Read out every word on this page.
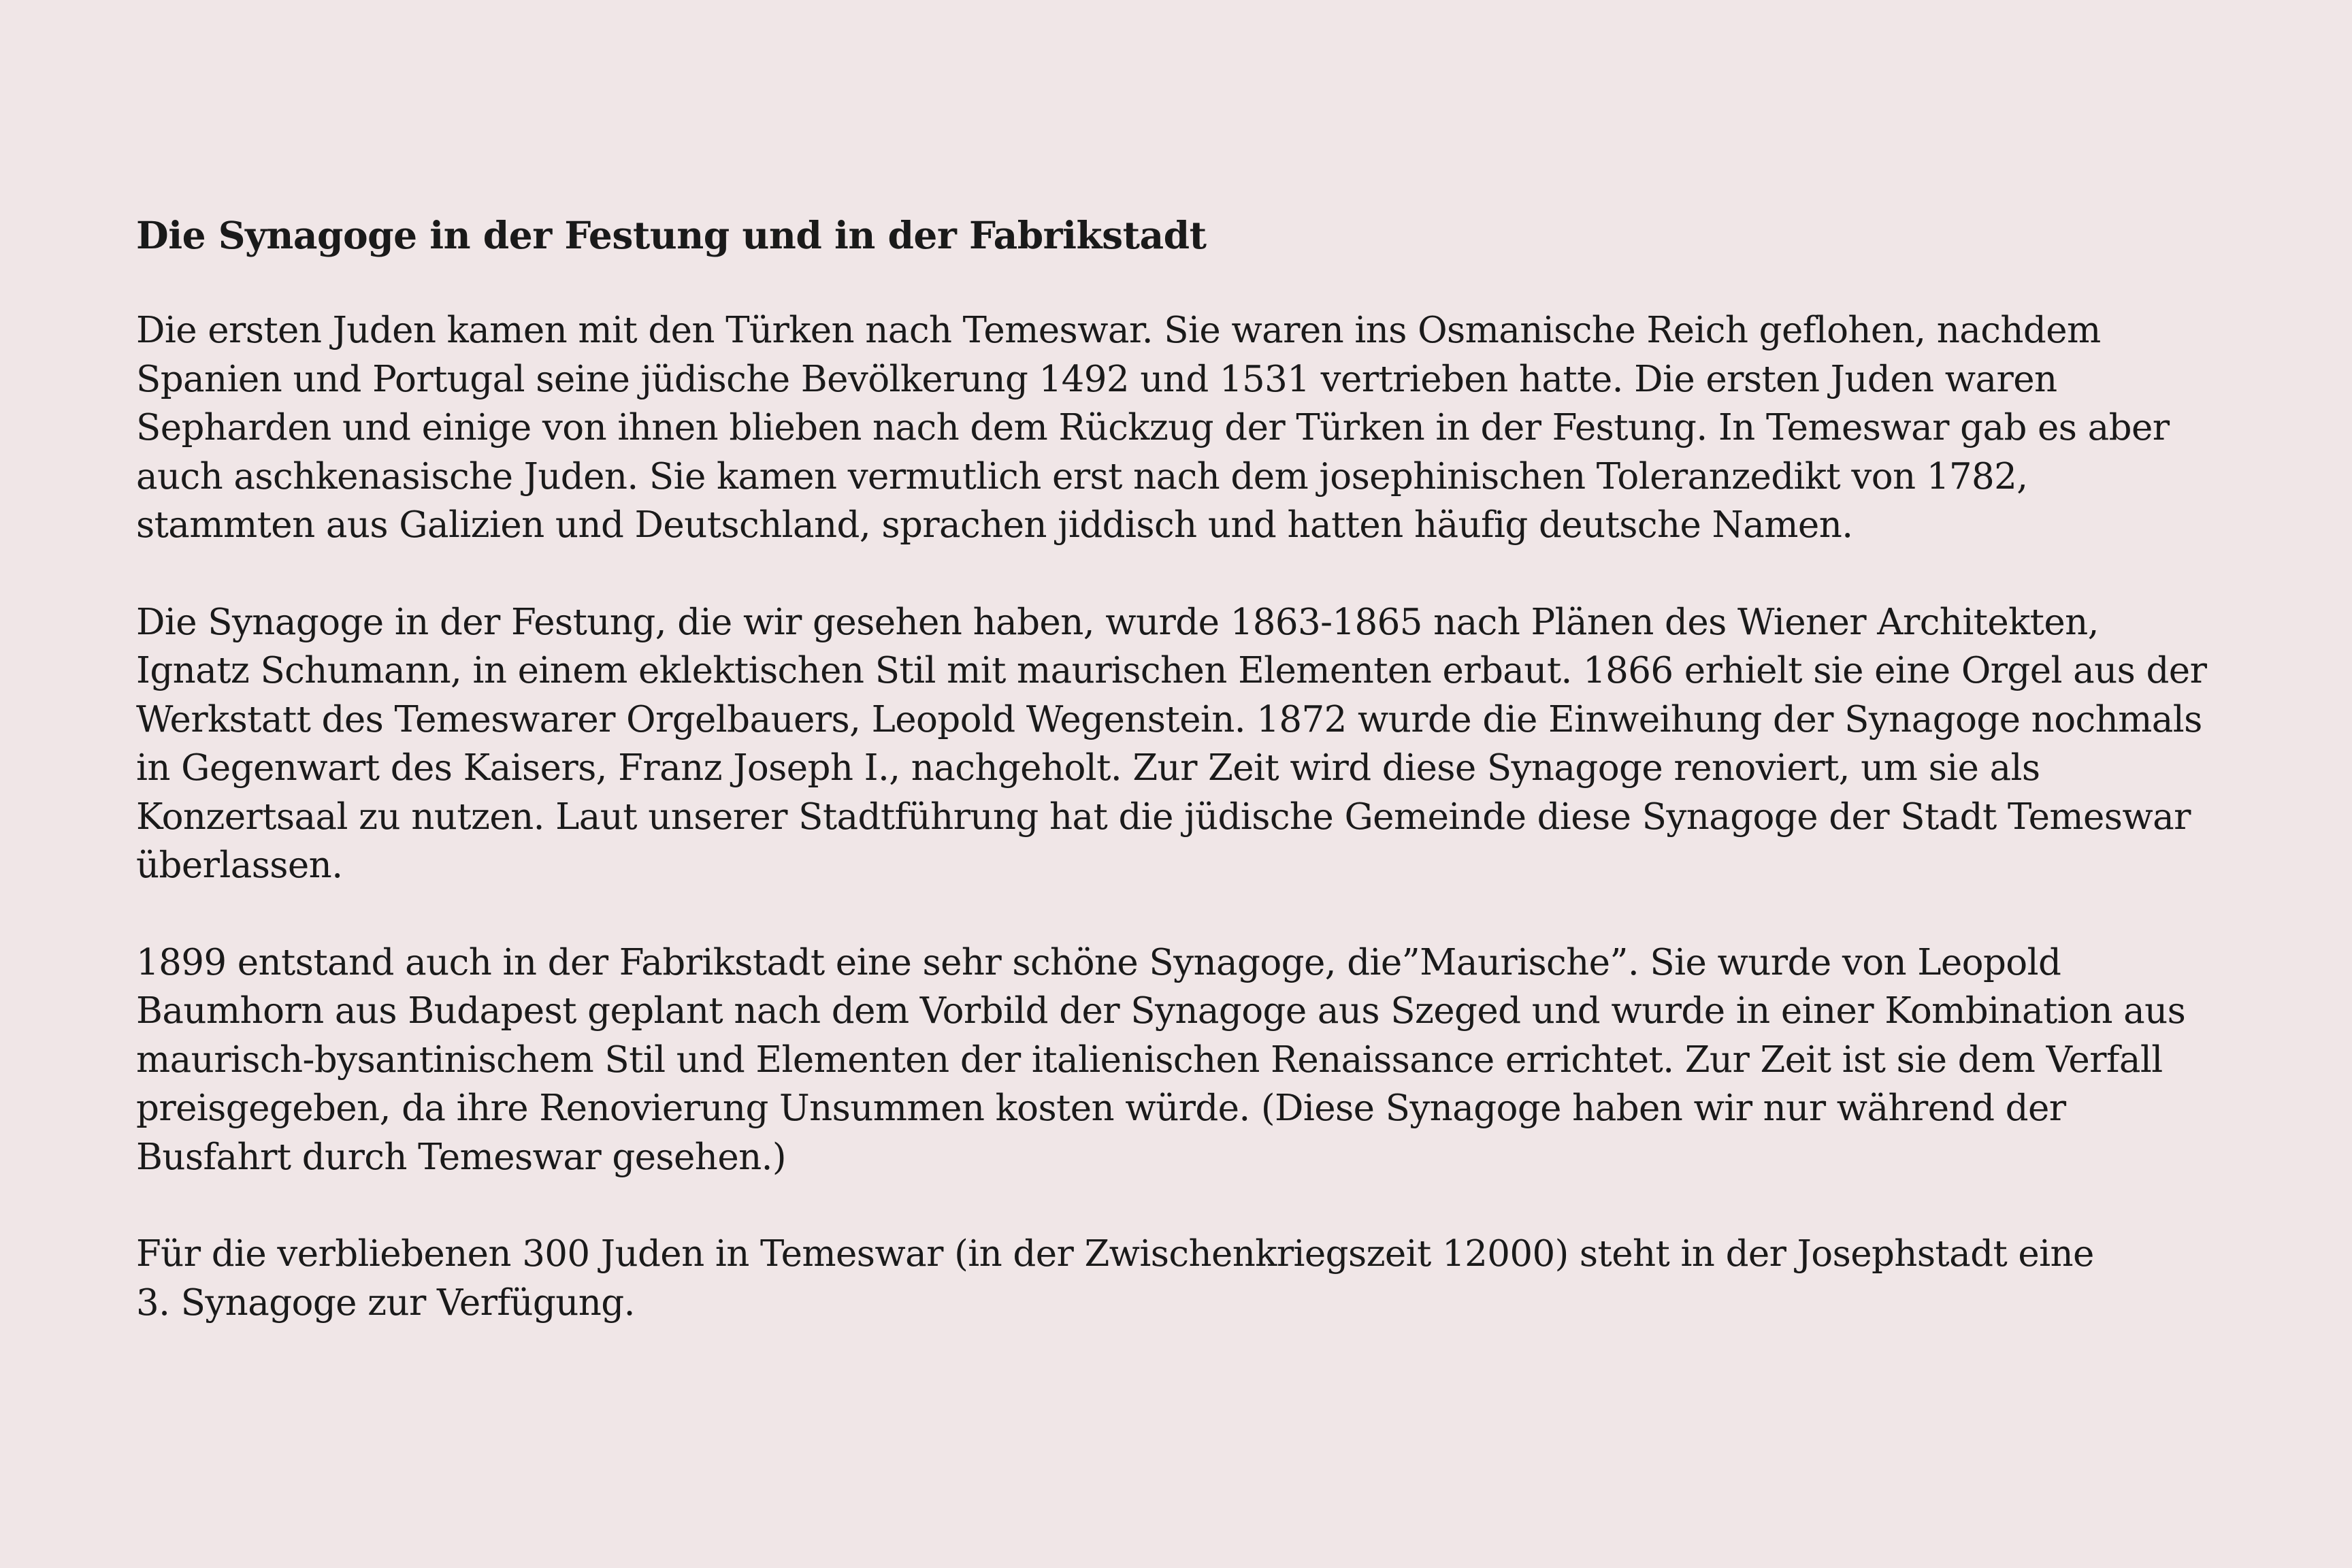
Die Synagoge in der Festung und in der Fabrikstadt

Die ersten Juden kamen mit den Türken nach Temeswar. Sie waren ins Osmanische Reich geflohen, nachdem
Spanien und Portugal seine jüdische Bevölkerung 1492 und 1531 vertrieben hatte. Die ersten Juden waren
Sepharden und einige von ihnen blieben nach dem Rückzug der Türken in der Festung. In Temeswar gab es aber
auch aschkenasische Juden. Sie kamen vermutlich erst nach dem josephinischen Toleranzedikt von 1782,
stammten aus Galizien und Deutschland, sprachen jiddisch und hatten häufig deutsche Namen.

Die Synagoge in der Festung, die wir gesehen haben, wurde 1863-1865 nach Plänen des Wiener Architekten,
Ignatz Schumann, in einem eklektischen Stil mit maurischen Elementen erbaut. 1866 erhielt sie eine Orgel aus der
Werkstatt des Temeswarer Orgelbauers, Leopold Wegenstein. 1872 wurde die Einweihung der Synagoge nochmals
in Gegenwart des Kaisers, Franz Joseph I., nachgeholt. Zur Zeit wird diese Synagoge renoviert, um sie als
Konzertsaal zu nutzen. Laut unserer Stadtführung hat die jüdische Gemeinde diese Synagoge der Stadt Temeswar
überlassen.

1899 entstand auch in der Fabrikstadt eine sehr schöne Synagoge, die”Maurische”. Sie wurde von Leopold
Baumhorn aus Budapest geplant nach dem Vorbild der Synagoge aus Szeged und wurde in einer Kombination aus
maurisch-bysantinischem Stil und Elementen der italienischen Renaissance errichtet. Zur Zeit ist sie dem Verfall
preisgegeben, da ihre Renovierung Unsummen kosten würde. (Diese Synagoge haben wir nur während der
Busfahrt durch Temeswar gesehen.)

Für die verbliebenen 300 Juden in Temeswar (in der Zwischenkriegszeit 12000) steht in der Josephstadt eine
3. Synagoge zur Verfügung.
